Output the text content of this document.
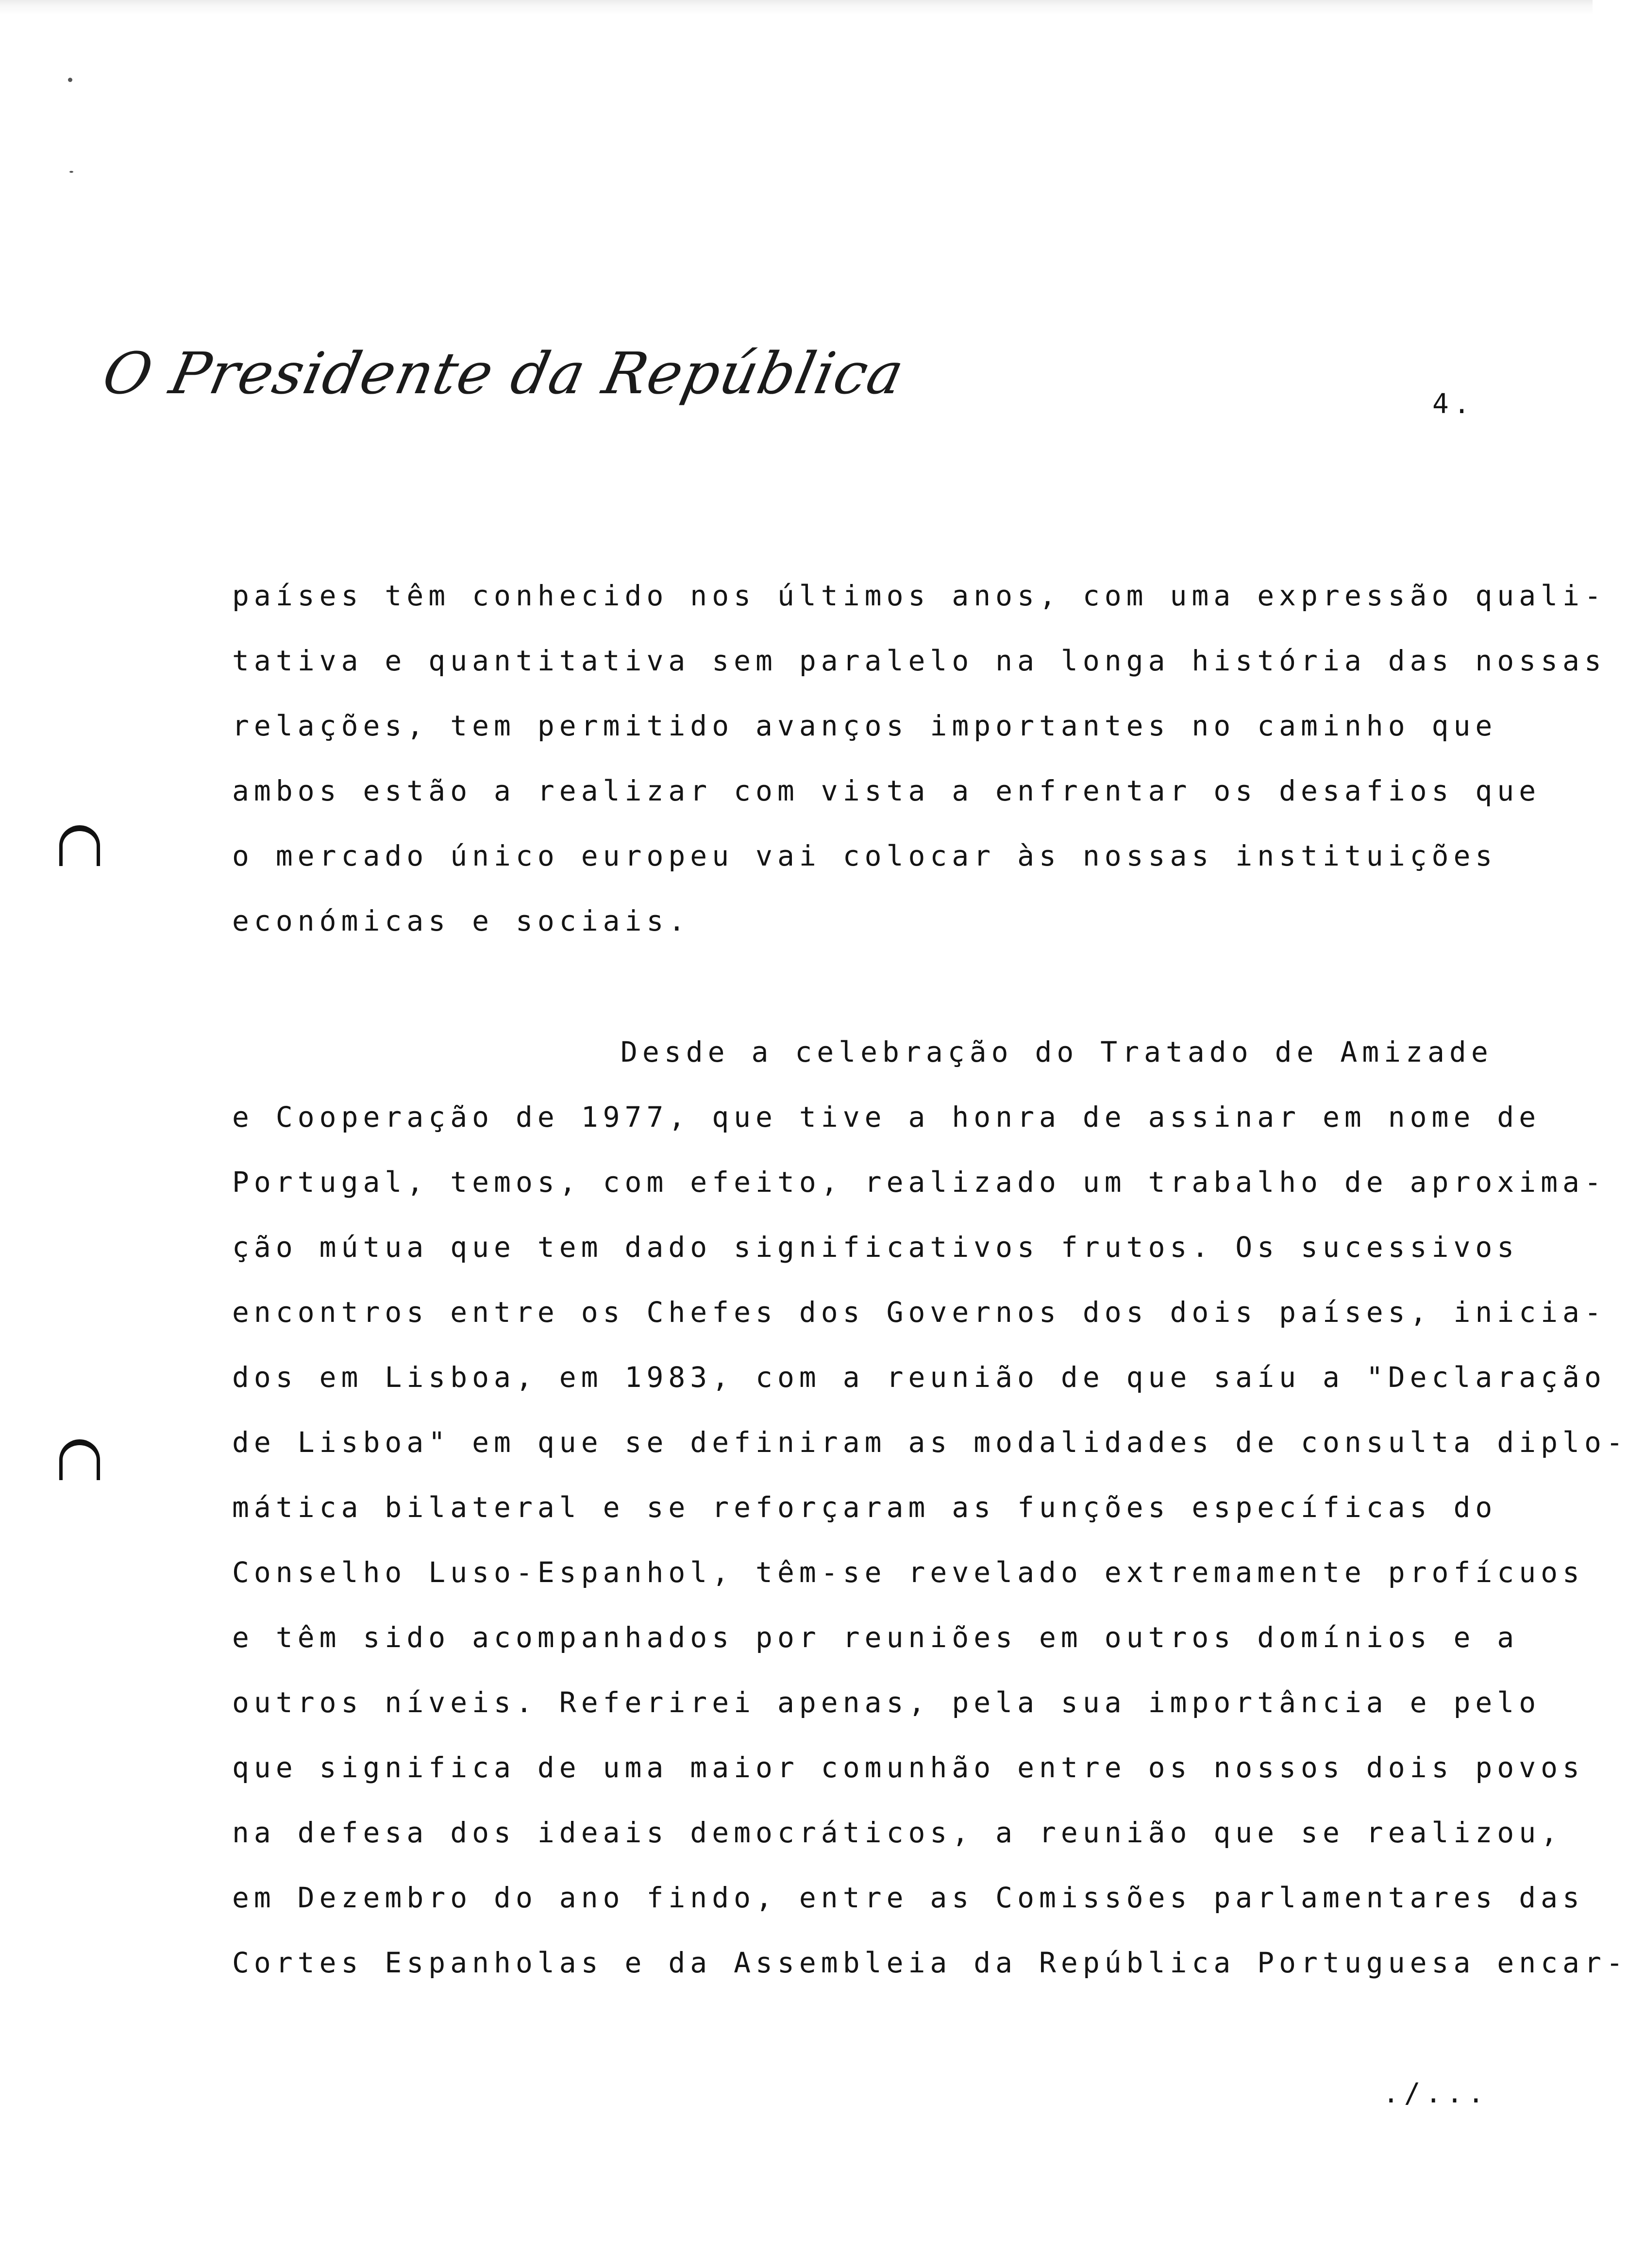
O Presidente da República	4.
países têm conhecido nos últimos anos, com uma expressão quali-
tativa e quantitativa sem paralelo na longa história das nossas
relações, tem permitido avanços importantes no caminho que
ambos estão a realizar com vista a enfrentar os desafios que
o mercado único europeu vai colocar às nossas instituições
económicas e sociais.
Desde a celebração do Tratado de Amizade
e Cooperação de 1977, que tive a honra de assinar em nome de
Portugal, temos, com efeito, realizado um trabalho de aproxima-
ção mútua que tem dado significativos frutos. Os sucessivos
encontros entre os Chefes dos Governos dos dois países, inicia-
dos em Lisboa, em 1983, com a reunião de que saíu a "Declaração
de Lisboa" em que se definiram as modalidades de consulta diplo-
mática bilateral e se reforçaram as funções específicas do
Conselho Luso-Espanhol, têm-se revelado extremamente profícuos
e têm sido acompanhados por reuniões em outros domínios e a
outros níveis. Referirei apenas, pela sua importância e pelo
que significa de uma maior comunhão entre os nossos dois povos
na defesa dos ideais democráticos, a reunião que se realizou,
em Dezembro do ano findo, entre as Comissões parlamentares das
Cortes Espanholas e da Assembleia da República Portuguesa encar-
./...
